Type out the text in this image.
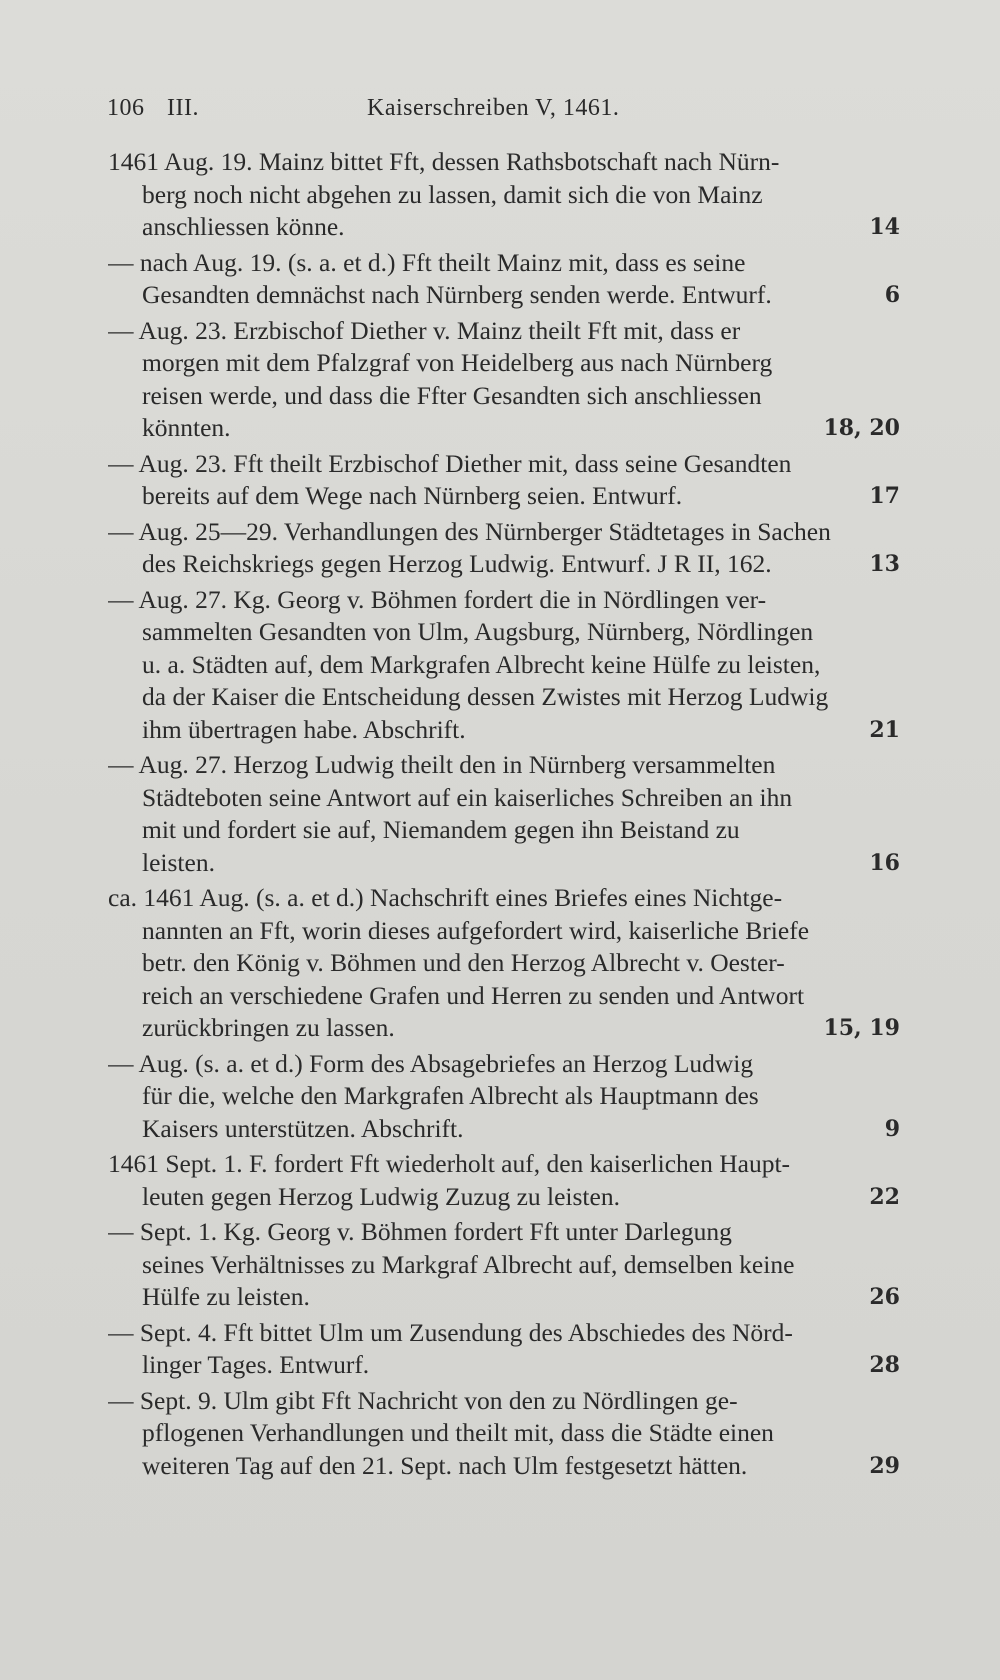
106 III.	Kaiserschreiben V, 1461.
1461 Aug. 19. Mainz bittet Fft, dessen Rathsbotschaft nach Nürn-
berg noch nicht abgehen zu lassen, damit sich die von Mainz
anschliessen könne.	14
— nach Aug. 19. (s. a. et d.) Fft theilt Mainz mit, dass es seine
Gesandten demnächst nach Nürnberg senden werde. Entwurf.	6
— Aug. 23. Erzbischof Diether v. Mainz theilt Fft mit, dass er
morgen mit dem Pfalzgraf von Heidelberg aus nach Nürnberg
reisen werde, und dass die Ffter Gesandten sich anschliessen
könnten.	18, 20
— Aug. 23. Fft theilt Erzbischof Diether mit, dass seine Gesandten
bereits auf dem Wege nach Nürnberg seien. Entwurf.	17
— Aug. 25—29. Verhandlungen des Nürnberger Städtetages in Sachen
des Reichskriegs gegen Herzog Ludwig. Entwurf. J R II, 162.	13
— Aug. 27. Kg. Georg v. Böhmen fordert die in Nördlingen ver-
sammelten Gesandten von Ulm, Augsburg, Nürnberg, Nördlingen
u. a. Städten auf, dem Markgrafen Albrecht keine Hülfe zu leisten,
da der Kaiser die Entscheidung dessen Zwistes mit Herzog Ludwig
ihm übertragen habe. Abschrift.	21
— Aug. 27. Herzog Ludwig theilt den in Nürnberg versammelten
Städteboten seine Antwort auf ein kaiserliches Schreiben an ihn
mit und fordert sie auf, Niemandem gegen ihn Beistand zu
leisten.	16
ca. 1461 Aug. (s. a. et d.) Nachschrift eines Briefes eines Nichtge-
nannten an Fft, worin dieses aufgefordert wird, kaiserliche Briefe
betr. den König v. Böhmen und den Herzog Albrecht v. Oester-
reich an verschiedene Grafen und Herren zu senden und Antwort
zurückbringen zu lassen.	15, 19
— Aug. (s. a. et d.) Form des Absagebriefes an Herzog Ludwig
für die, welche den Markgrafen Albrecht als Hauptmann des
Kaisers unterstützen. Abschrift.	9
1461 Sept. 1. F. fordert Fft wiederholt auf, den kaiserlichen Haupt-
leuten gegen Herzog Ludwig Zuzug zu leisten.	22
— Sept. 1. Kg. Georg v. Böhmen fordert Fft unter Darlegung
seines Verhältnisses zu Markgraf Albrecht auf, demselben keine
Hülfe zu leisten.	26
— Sept. 4. Fft bittet Ulm um Zusendung des Abschiedes des Nörd-
linger Tages. Entwurf.	28
— Sept. 9. Ulm gibt Fft Nachricht von den zu Nördlingen ge-
pflogenen Verhandlungen und theilt mit, dass die Städte einen
weiteren Tag auf den 21. Sept. nach Ulm festgesetzt hätten.	29
